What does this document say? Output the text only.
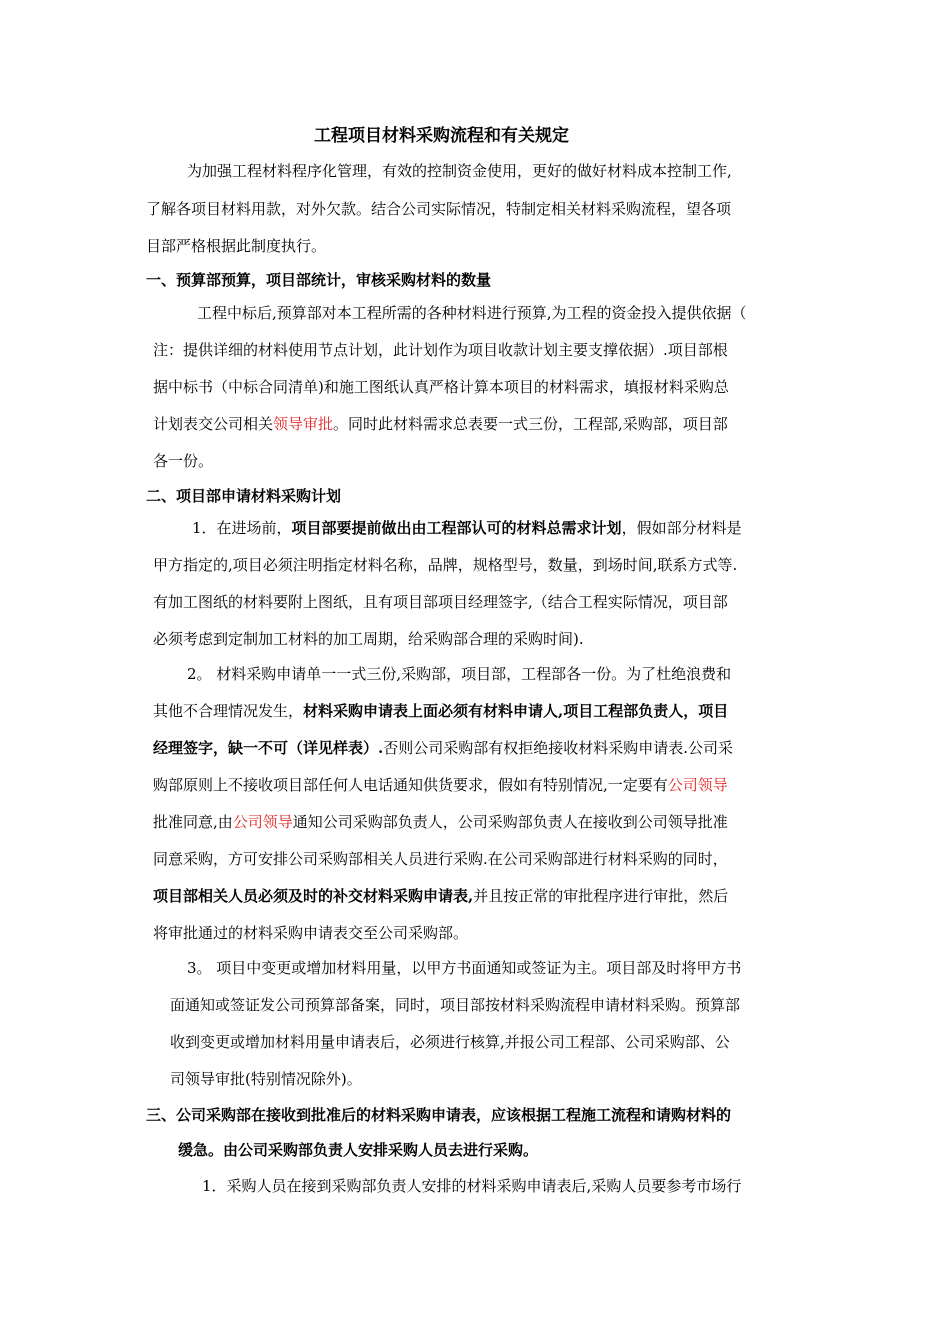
工程项目材料采购流程和有关规定
为加强工程材料程序化管理，有效的控制资金使用，更好的做好材料成本控制工作,
了解各项目材料用款，对外欠款。结合公司实际情况，特制定相关材料采购流程，望各项
目部严格根据此制度执行。
一、预算部预算，项目部统计，审核采购材料的数量
工程中标后,预算部对本工程所需的各种材料进行预算,为工程的资金投入提供依据（
注：提供详细的材料使用节点计划，此计划作为项目收款计划主要支撑依据）.项目部根
据中标书（中标合同清单)和施工图纸认真严格计算本项目的材料需求，填报材料采购总
计划表交公司相关领导审批。同时此材料需求总表要一式三份，工程部,采购部，项目部
各一份。
二、项目部申请材料采购计划
1．在进场前，项目部要提前做出由工程部认可的材料总需求计划，假如部分材料是
甲方指定的,项目必须注明指定材料名称，品牌，规格型号，数量，到场时间,联系方式等.
有加工图纸的材料要附上图纸，且有项目部项目经理签字,（结合工程实际情况，项目部
必须考虑到定制加工材料的加工周期，给采购部合理的采购时间).
2。 材料采购申请单一一式三份,采购部，项目部，工程部各一份。为了杜绝浪费和
其他不合理情况发生，材料采购申请表上面必须有材料申请人,项目工程部负责人，项目
经理签字，缺一不可（详见样表）.否则公司采购部有权拒绝接收材料采购申请表.公司采
购部原则上不接收项目部任何人电话通知供货要求，假如有特别情况,一定要有公司领导
批准同意,由公司领导通知公司采购部负责人，公司采购部负责人在接收到公司领导批准
同意采购，方可安排公司采购部相关人员进行采购.在公司采购部进行材料采购的同时，
项目部相关人员必须及时的补交材料采购申请表,并且按正常的审批程序进行审批，然后
将审批通过的材料采购申请表交至公司采购部。
3。 项目中变更或增加材料用量，以甲方书面通知或签证为主。项目部及时将甲方书
面通知或签证发公司预算部备案，同时，项目部按材料采购流程申请材料采购。预算部
收到变更或增加材料用量申请表后，必须进行核算,并报公司工程部、公司采购部、公
司领导审批(特别情况除外)。
三、公司采购部在接收到批准后的材料采购申请表，应该根据工程施工流程和请购材料的
缓急。由公司采购部负责人安排采购人员去进行采购。
1．采购人员在接到采购部负责人安排的材料采购申请表后,采购人员要参考市场行
